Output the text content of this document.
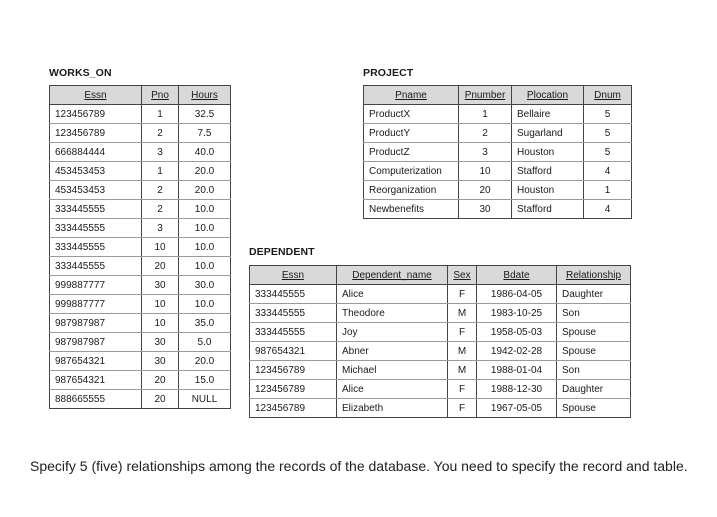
WORKS_ON
Essn	Pno	Hours
123456789	1	32.5
123456789	2	7.5
666884444	3	40.0
453453453	1	20.0
453453453	2	20.0
333445555	2	10.0
333445555	3	10.0
333445555	10	10.0
333445555	20	10.0
999887777	30	30.0
999887777	10	10.0
987987987	10	35.0
987987987	30	5.0
987654321	30	20.0
987654321	20	15.0
888665555	20	NULL
PROJECT
Pname	Pnumber	Plocation	Dnum
ProductX	1	Bellaire	5
ProductY	2	Sugarland	5
ProductZ	3	Houston	5
Computerization	10	Stafford	4
Reorganization	20	Houston	1
Newbenefits	30	Stafford	4
DEPENDENT
Essn	Dependent_name	Sex	Bdate	Relationship
333445555	Alice	F	1986-04-05	Daughter
333445555	Theodore	M	1983-10-25	Son
333445555	Joy	F	1958-05-03	Spouse
987654321	Abner	M	1942-02-28	Spouse
123456789	Michael	M	1988-01-04	Son
123456789	Alice	F	1988-12-30	Daughter
123456789	Elizabeth	F	1967-05-05	Spouse
Specify 5 (five) relationships among the records of the database. You need to specify the record and table.
